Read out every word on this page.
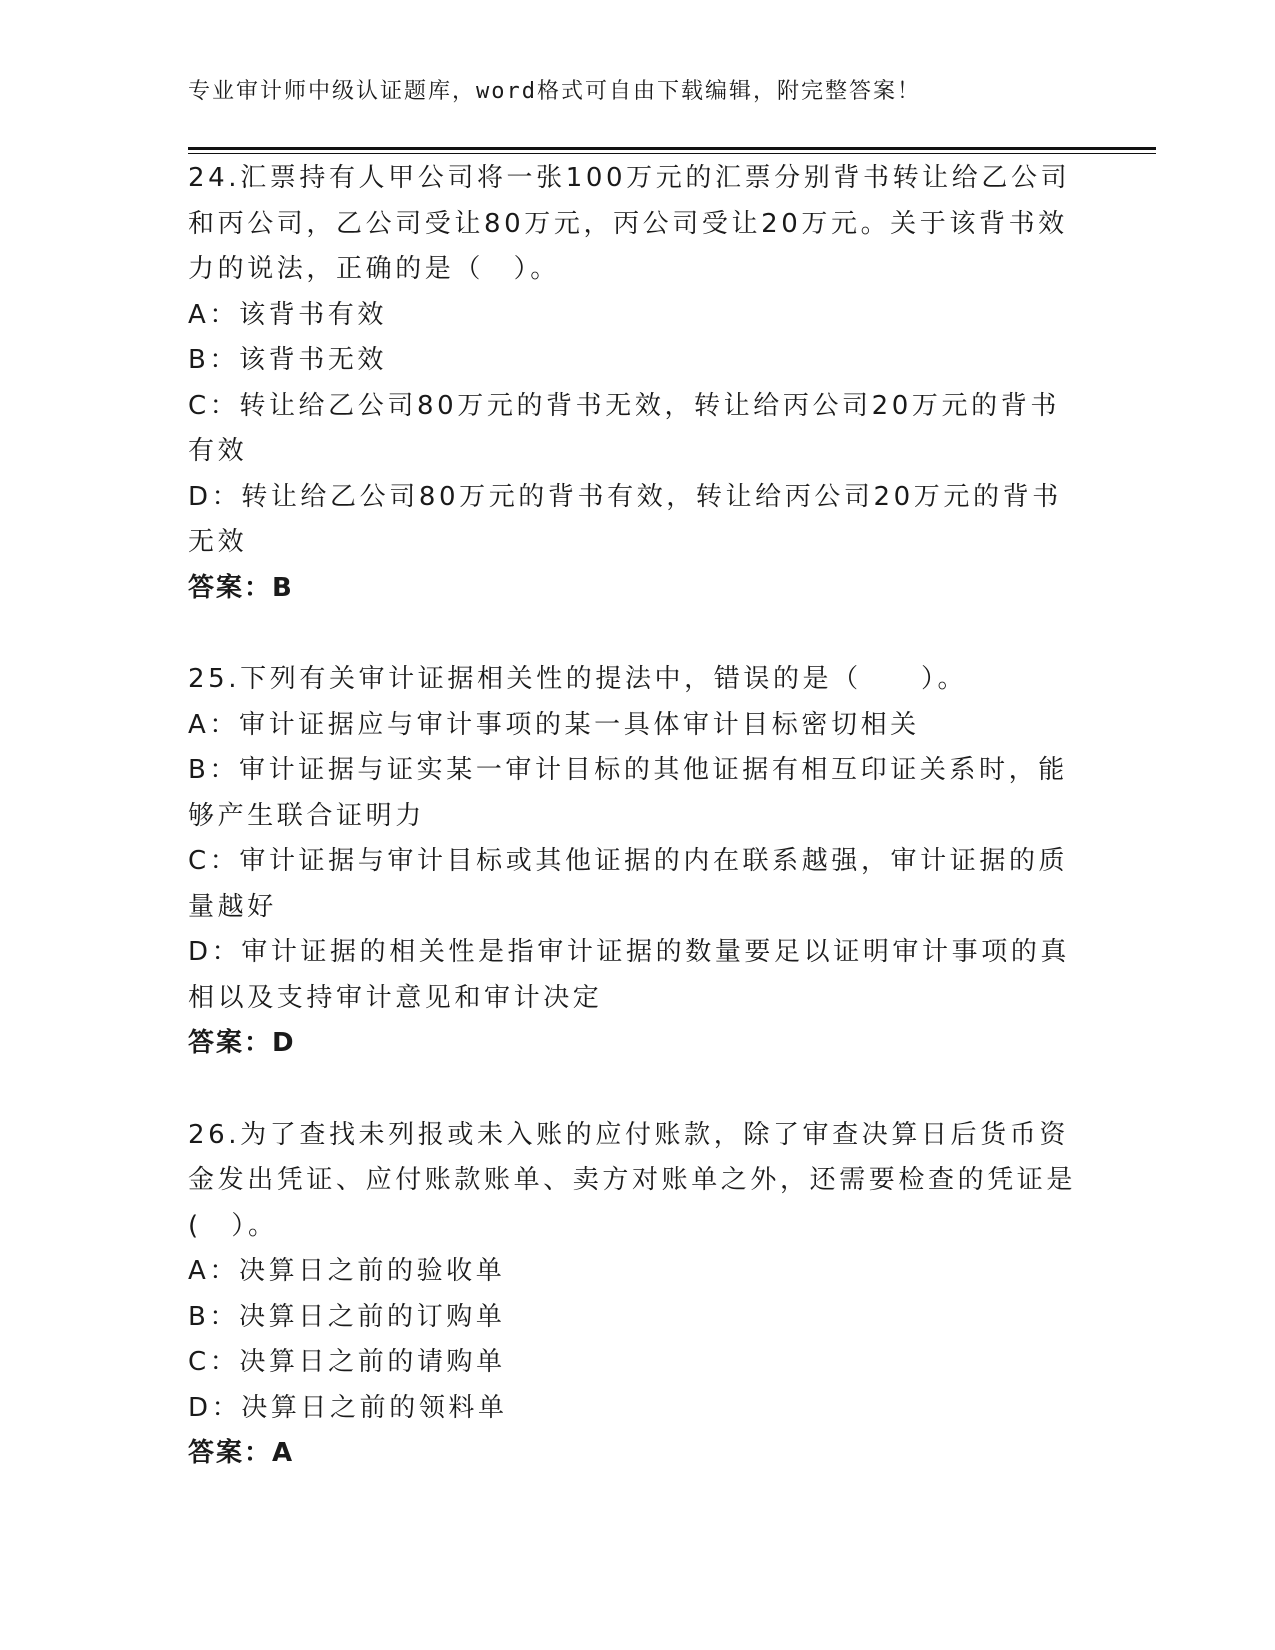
专业审计师中级认证题库，word格式可自由下载编辑，附完整答案！

24.汇票持有人甲公司将一张100万元的汇票分别背书转让给乙公司和丙公司，乙公司受让80万元，丙公司受让20万元。关于该背书效力的说法，正确的是（　）。

A：该背书有效

B：该背书无效

C：转让给乙公司80万元的背书无效，转让给丙公司20万元的背书有效

D：转让给乙公司80万元的背书有效，转让给丙公司20万元的背书无效

答案：B

25.下列有关审计证据相关性的提法中，错误的是（　　）。

A：审计证据应与审计事项的某一具体审计目标密切相关

B：审计证据与证实某一审计目标的其他证据有相互印证关系时，能够产生联合证明力

C：审计证据与审计目标或其他证据的内在联系越强，审计证据的质量越好

D：审计证据的相关性是指审计证据的数量要足以证明审计事项的真相以及支持审计意见和审计决定

答案：D

26.为了查找未列报或未入账的应付账款，除了审查决算日后货币资金发出凭证、应付账款账单、卖方对账单之外，还需要检查的凭证是(　）。

A：决算日之前的验收单

B：决算日之前的订购单

C：决算日之前的请购单

D：决算日之前的领料单

答案：A
